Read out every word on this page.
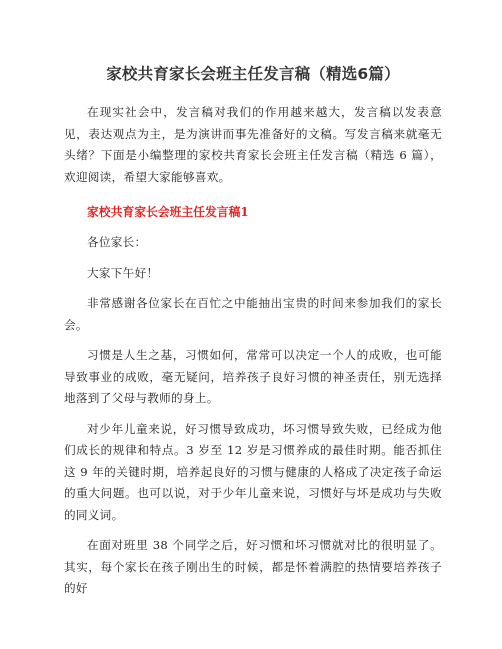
家校共育家长会班主任发言稿（精选6篇）

在现实社会中，发言稿对我们的作用越来越大，发言稿以发表意见，表达观点为主，是为演讲而事先准备好的文稿。写发言稿来就毫无头绪？下面是小编整理的家校共育家长会班主任发言稿（精选 6 篇），欢迎阅读，希望大家能够喜欢。

家校共育家长会班主任发言稿1

各位家长：

大家下午好！

非常感谢各位家长在百忙之中能抽出宝贵的时间来参加我们的家长会。

习惯是人生之基，习惯如何，常常可以决定一个人的成败，也可能导致事业的成败，毫无疑问，培养孩子良好习惯的神圣责任，别无选择地落到了父母与教师的身上。

对少年儿童来说，好习惯导致成功，坏习惯导致失败，已经成为他们成长的规律和特点。3 岁至 12 岁是习惯养成的最佳时期。能否抓住这 9 年的关键时期，培养起良好的习惯与健康的人格成了决定孩子命运的重大问题。也可以说，对于少年儿童来说，习惯好与坏是成功与失败的同义词。

在面对班里 38 个同学之后，好习惯和坏习惯就对比的很明显了。其实，每个家长在孩子刚出生的时候，都是怀着满腔的热情要培养孩子的好
